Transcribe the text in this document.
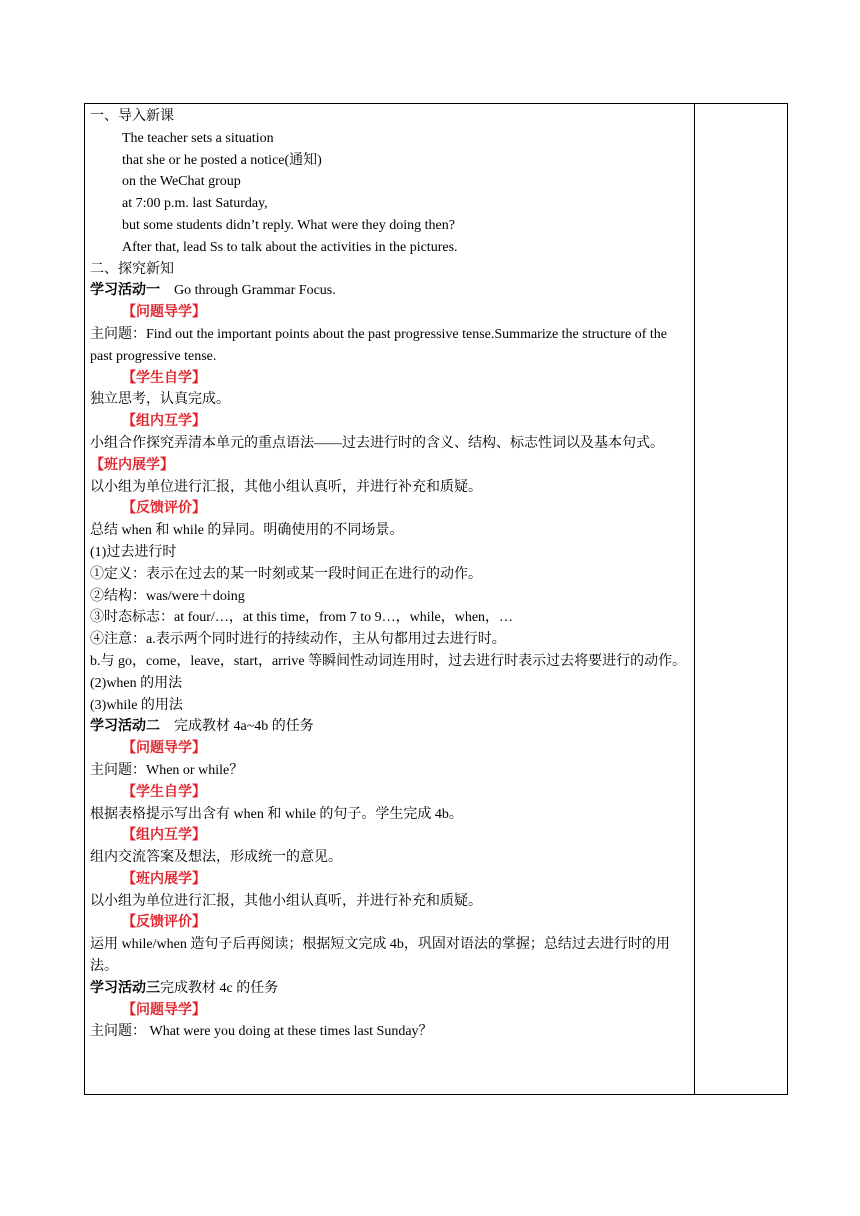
一、导入新课
The teacher sets a situation
that she or he posted a notice(通知)
on the WeChat group
at 7:00 p.m. last Saturday,
but some students didn’t reply. What were they doing then?
After that, lead Ss to talk about the activities in the pictures.
二、探究新知
学习活动一 Go through Grammar Focus.
【问题导学】
主问题：Find out the important points about the past progressive tense.Summarize the structure of the past progressive tense.
【学生自学】
独立思考，认真完成。
【组内互学】
小组合作探究弄清本单元的重点语法——过去进行时的含义、结构、标志性词以及基本句式。
【班内展学】
以小组为单位进行汇报，其他小组认真听，并进行补充和质疑。
【反馈评价】
总结 when 和 while 的异同。明确使用的不同场景。
(1)过去进行时
①定义：表示在过去的某一时刻或某一段时间正在进行的动作。
②结构：was/were＋doing
③时态标志：at four/…，at this time，from 7 to 9…，while，when，…
④注意：a.表示两个同时进行的持续动作，主从句都用过去进行时。
b.与 go，come，leave，start，arrive 等瞬间性动词连用时，过去进行时表示过去将要进行的动作。
(2)when 的用法
(3)while 的用法
学习活动二 完成教材 4a~4b 的任务
【问题导学】
主问题：When or while？
【学生自学】
根据表格提示写出含有 when 和 while 的句子。学生完成 4b。
【组内互学】
组内交流答案及想法，形成统一的意见。
【班内展学】
以小组为单位进行汇报，其他小组认真听，并进行补充和质疑。
【反馈评价】
运用 while/when 造句子后再阅读；根据短文完成 4b，巩固对语法的掌握；总结过去进行时的用法。
学习活动三完成教材 4c 的任务
【问题导学】
主问题： What were you doing at these times last Sunday？
